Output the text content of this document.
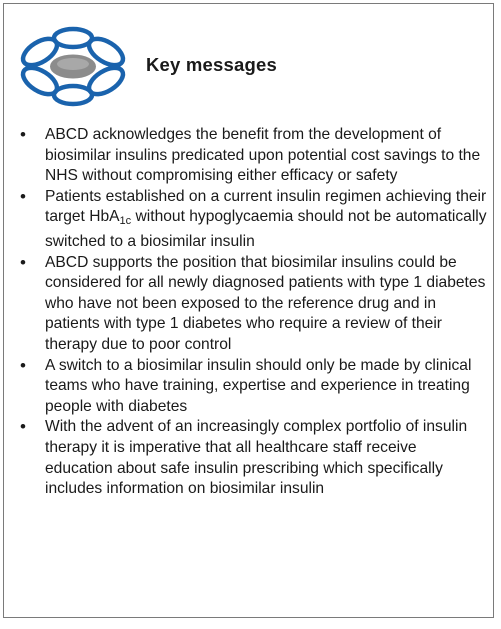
Key messages
• ABCD acknowledges the benefit from the development of biosimilar insulins predicated upon potential cost savings to the NHS without compromising either efficacy or safety
• Patients established on a current insulin regimen achieving their target HbA$_{1c}$ without hypoglycaemia should not be automatically switched to a biosimilar insulin
• ABCD supports the position that biosimilar insulins could be considered for all newly diagnosed patients with type 1 diabetes who have not been exposed to the reference drug and in patients with type 1 diabetes who require a review of their therapy due to poor control
• A switch to a biosimilar insulin should only be made by clinical teams who have training, expertise and experience in treating people with diabetes
• With the advent of an increasingly complex portfolio of insulin therapy it is imperative that all healthcare staff receive education about safe insulin prescribing which specifically includes information on biosimilar insulin
